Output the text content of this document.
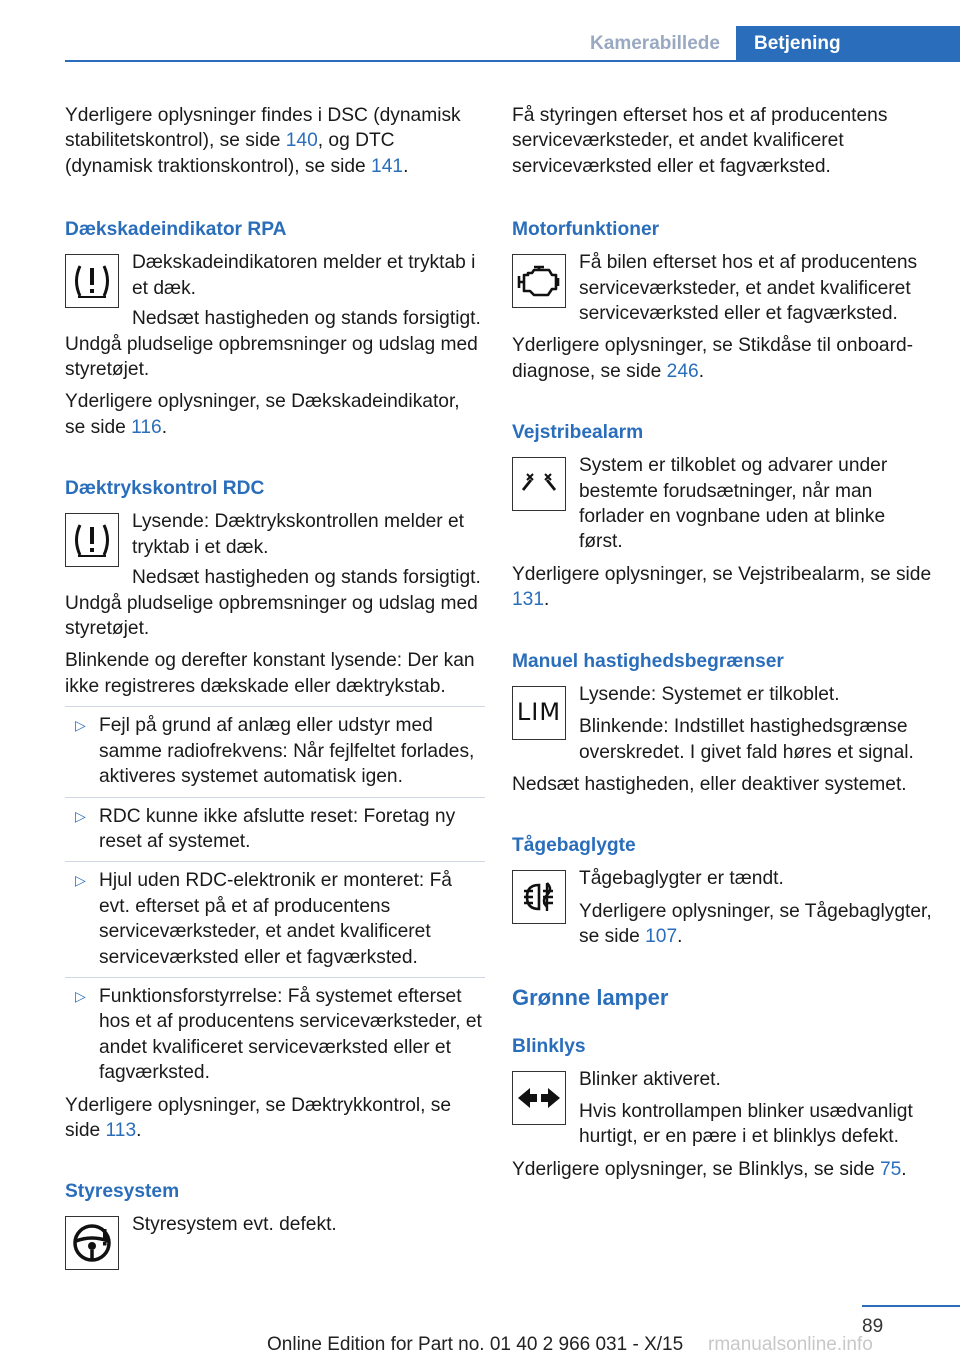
Kamerabillede	Betjening

Yderligere oplysninger findes i DSC (dynamisk stabilitetskontrol), se side 140, og DTC (dynamisk traktionskontrol), se side 141.

Dækskadeindikator RPA

Dækskadeindikatoren melder et tryktab i et dæk.

Nedsæt hastigheden og stands forsigtigt. Undgå pludselige opbremsninger og udslag med styretøjet.

Yderligere oplysninger, se Dækskadeindikator, se side 116.

Dæktrykskontrol RDC

Lysende: Dæktrykskontrollen melder et tryktab i et dæk.

Nedsæt hastigheden og stands forsigtigt. Undgå pludselige opbremsninger og udslag med styretøjet.

Blinkende og derefter konstant lysende: Der kan ikke registreres dækskade eller dæktrykstab.

▷ Fejl på grund af anlæg eller udstyr med samme radiofrekvens: Når fejlfeltet forlades, aktiveres systemet automatisk igen.
▷ RDC kunne ikke afslutte reset: Foretag ny reset af systemet.
▷ Hjul uden RDC-elektronik er monteret: Få evt. efterset på et af producentens serviceværksteder, et andet kvalificeret serviceværksted eller et fagværksted.
▷ Funktionsforstyrrelse: Få systemet efterset hos et af producentens serviceværksteder, et andet kvalificeret serviceværksted eller et fagværksted.

Yderligere oplysninger, se Dæktrykkontrol, se side 113.

Styresystem

Styresystem evt. defekt.

Få styringen efterset hos et af producentens serviceværksteder, et andet kvalificeret serviceværksted eller et fagværksted.

Motorfunktioner

Få bilen efterset hos et af producentens serviceværksteder, et andet kvalificeret serviceværksted eller et fagværksted.

Yderligere oplysninger, se Stikdåse til onboard-diagnose, se side 246.

Vejstribealarm

System er tilkoblet og advarer under bestemte forudsætninger, når man forlader en vognbane uden at blinke først.

Yderligere oplysninger, se Vejstribealarm, se side 131.

Manuel hastighedsbegrænser
LIM

Lysende: Systemet er tilkoblet.

Blinkende: Indstillet hastighedsgrænse overskredet. I givet fald høres et signal.

Nedsæt hastigheden, eller deaktiver systemet.

Tågebaglygte

Tågebaglygter er tændt.

Yderligere oplysninger, se Tågebaglygter, se side 107.

Grønne lamper
Blinklys

Blinker aktiveret.

Hvis kontrollampen blinker usædvanligt hurtigt, er en pære i et blinklys defekt.

Yderligere oplysninger, se Blinklys, se side 75.

89
Online Edition for Part no. 01 40 2 966 031 - X/15 rmanualsonline.info
